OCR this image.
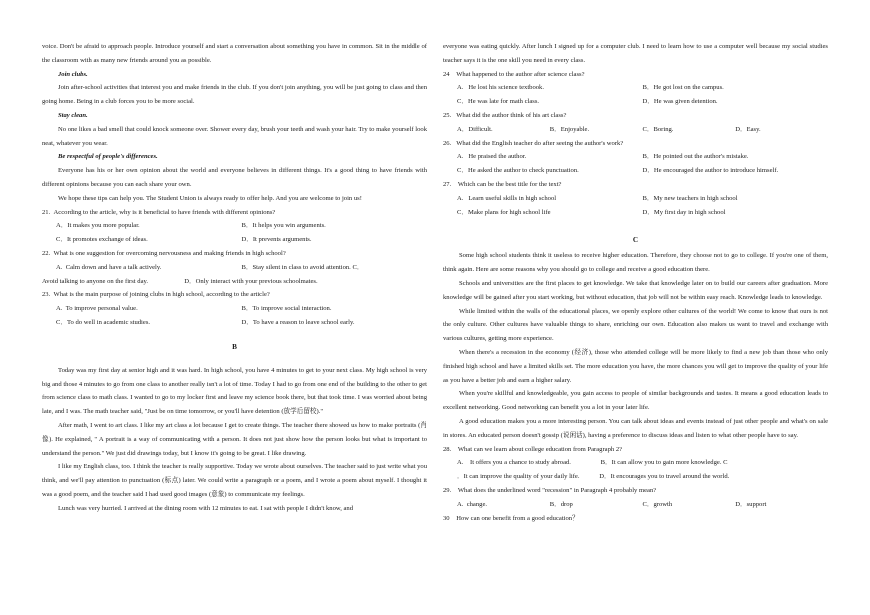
voice. Don't be afraid to approach people. Introduce yourself and start a conversation about something you have in common. Sit in the middle of the classroom with as many new friends around you as possible.

Join clubs.

Join after-school activities that interest you and make friends in the club. If you don't join anything, you will be just going to class and then going home. Being in a club forces you to be more social.

Stay clean.

No one likes a bad smell that could knock someone over. Shower every day, brush your teeth and wash your hair. Try to make yourself look neat, whatever you wear.

Be respectful of people's differences.

Everyone has his or her own opinion about the world and everyone believes in different things. It's a good thing to have friends with different opinions because you can each share your own.

We hope these tips can help you. The Student Union is always ready to offer help. And you are welcome to join us!

21.  According to the article, why is it beneficial to have friends with different opinions?

A．It makes you more popular.	B．It helps you win arguments.
C．It promotes exchange of ideas.	D．It prevents arguments.

22.  What is one suggestion for overcoming nervousness and making friends in high school?

A.  Calm down and have a talk actively.	B．Stay silent in class to avoid attention. C．

Avoid talking to anyone on the first day.                      D．Only interact with your previous schoolmates.

23.  What is the main purpose of joining clubs in high school, according to the article?

A.  To improve personal value.	B．To improve social interaction.
C．To do well in academic studies.	D．To have a reason to leave school early.

B

Today was my first day at senior high and it was hard. In high school, you have 4 minutes to get to your next class. My high school is very big and those 4 minutes to go from one class to another really isn't a lot of time. Today I had to go from one end of the building to the other to get from science class to math class. I wanted to go to my locker first and leave my science book there, but that took time. I was worried about being late, and I was. The math teacher said, "Just be on time tomorrow, or you'll have detention (放学后留校)."

After math, I went to art class. I like my art class a lot because I get to create things. The teacher there showed us how to make portraits (肖像). He explained, " A portrait is a way of communicating with a person. It does not just show how the person looks but what is important to understand the person." We just did drawings today, but I know it's going to be great. I like drawing.

I like my English class, too. I think the teacher is really supportive. Today we wrote about ourselves. The teacher said to just write what you think, and we'll pay attention to punctuation (标点) later. We could write a paragraph or a poem, and I wrote a poem about myself. I thought it was a good poem, and the teacher said I had used good images (意象) to communicate my feelings.

Lunch was very hurried. I arrived at the dining room with 12 minutes to eat. I sat with people I didn't know, and

everyone was eating quickly. After lunch I signed up for a computer club. I need to learn how to use a computer well because my social studies teacher says it is the one skill you need in every class.

24    What happened to the author after science class?

A.   He lost his science textbook.	B．He got lost on the campus.
C．He was late for math class.	D．He was given detention.

25.   What did the author think of his art class?

A．Difficult.	B．Enjoyable.	C．Boring.	D．Easy.

26.   What did the English teacher do after seeing the author's work?

A.   He praised the author.	B．He pointed out the author's mistake.
C．He asked the author to check punctuation.	D．He encouraged the author to introduce himself.

27.    Which can be the best title for the text?

A.   Learn useful skills in high school	B．My new teachers in high school
C．Make plans for high school life	D．My first day in high school

C

Some high school students think it useless to receive higher education. Therefore, they choose not to go to college. If you're one of them, think again. Here are some reasons why you should go to college and receive a good education there.

Schools and universities are the first places to get knowledge. We take that knowledge later on to build our careers after graduation. More knowledge will be gained after you start working, but without education, that job will not be within easy reach. Knowledge leads to knowledge.

While limited within the walls of the educational places, we openly explore other cultures of the world! We come to know that ours is not the only culture. Other cultures have valuable things to share, enriching our own. Education also makes us want to travel and exchange with various cultures, getting more experience.

When there's a recession in the economy (经济), those who attended college will be more likely to find a new job than those who only finished high school and have a limited skills set. The more education you have, the more chances you will get to improve the quality of your life as you have a better job and earn a higher salary.

When you're skillful and knowledgeable, you gain access to people of similar backgrounds and tastes. It means a good education leads to excellent networking. Good networking can benefit you a lot in your later life.

A good education makes you a more interesting person. You can talk about ideas and events instead of just other people and what's on sale in stores. An educated person doesn't gossip (说闲话), having a preference to discuss ideas and listen to what other people have to say.

28.    What can we learn about college education from Paragraph 2?

A.    It offers you a chance to study abroad.                  B．It can allow you to gain more knowledge. C

．It can improve the quality of your daily life.            D．It encourages you to travel around the world.

29.    What does the underlined word "recession" in Paragraph 4 probably mean?

A.  change.	B．drop	C．growth	D．support

30    How can one benefit from a good education？
